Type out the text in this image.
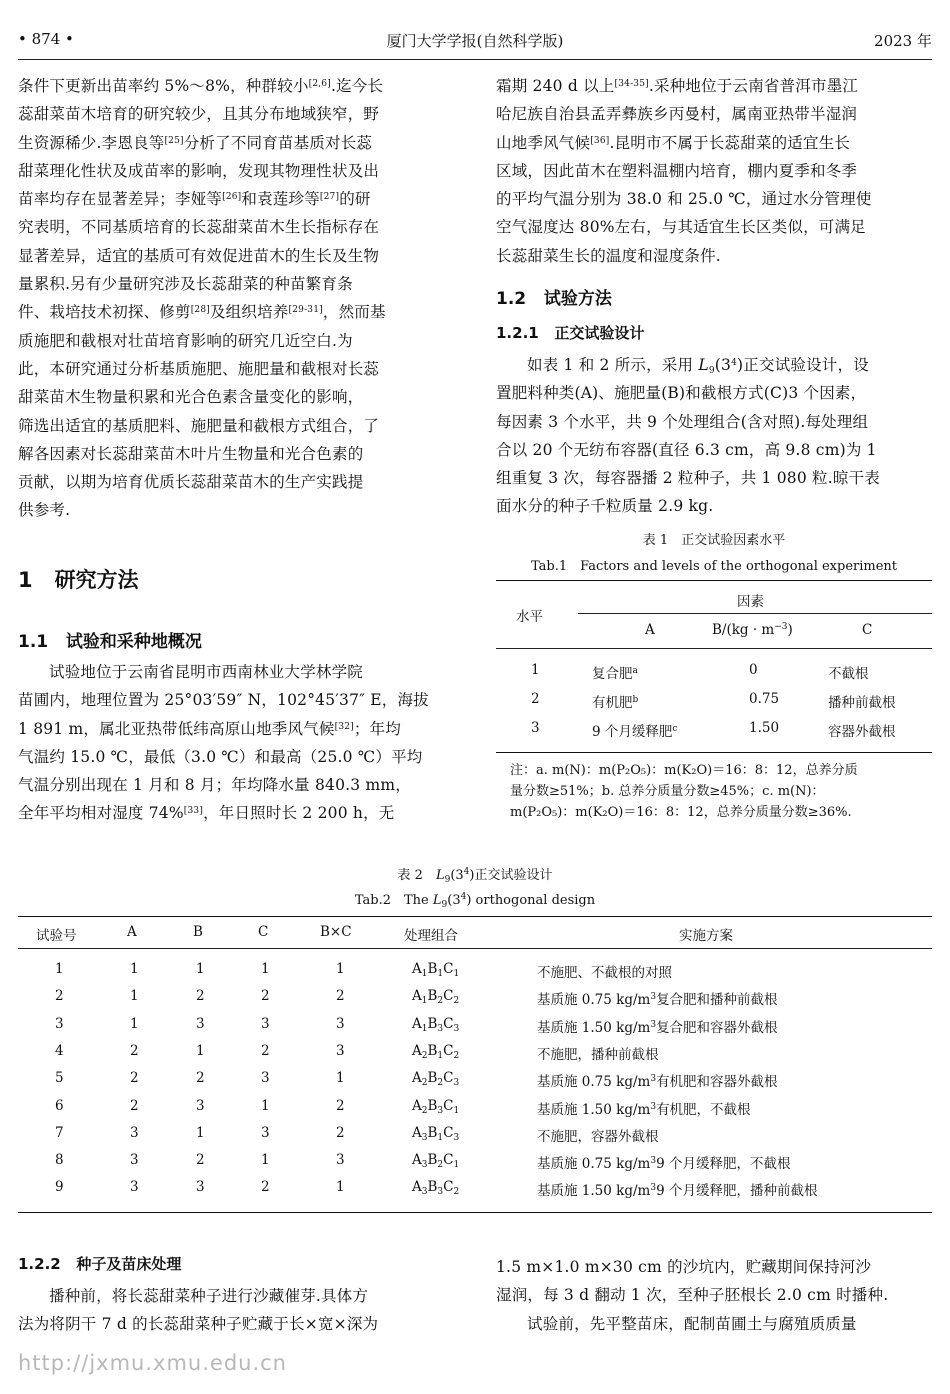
• 874 •	厦门大学学报(自然科学版)	2023 年

条件下更新出苗率约 5%～8%，种群较小[2,6].迄今长

蕊甜菜苗木培育的研究较少，且其分布地域狭窄，野

生资源稀少.李恩良等[25]分析了不同育苗基质对长蕊

甜菜理化性状及成苗率的影响，发现其物理性状及出

苗率均存在显著差异；李娅等[26]和袁莲珍等[27]的研

究表明，不同基质培育的长蕊甜菜苗木生长指标存在

显著差异，适宜的基质可有效促进苗木的生长及生物

量累积.另有少量研究涉及长蕊甜菜的种苗繁育条

件、栽培技术初探、修剪[28]及组织培养[29-31]，然而基

质施肥和截根对壮苗培育影响的研究几近空白.为

此，本研究通过分析基质施肥、施肥量和截根对长蕊

甜菜苗木生物量积累和光合色素含量变化的影响，

筛选出适宜的基质肥料、施肥量和截根方式组合，了

解各因素对长蕊甜菜苗木叶片生物量和光合色素的

贡献，以期为培育优质长蕊甜菜苗木的生产实践提

供参考.

1 研究方法
1.1 试验和采种地概况

试验地位于云南省昆明市西南林业大学林学院

苗圃内，地理位置为 25°03′59″ N，102°45′37″ E，海拔

1 891 m，属北亚热带低纬高原山地季风气候[32]；年均

气温约 15.0 ℃，最低（3.0 ℃）和最高（25.0 ℃）平均

气温分别出现在 1 月和 8 月；年均降水量 840.3 mm，

全年平均相对湿度 74%[33]，年日照时长 2 200 h，无

霜期 240 d 以上[34-35].采种地位于云南省普洱市墨江

哈尼族自治县孟弄彝族乡丙曼村，属南亚热带半湿润

山地季风气候[36].昆明市不属于长蕊甜菜的适宜生长

区域，因此苗木在塑料温棚内培育，棚内夏季和冬季

的平均气温分别为 38.0 和 25.0 ℃，通过水分管理使

空气湿度达 80%左右，与其适宜生长区类似，可满足

长蕊甜菜生长的温度和湿度条件.

1.2 试验方法
1.2.1 正交试验设计

如表 1 和 2 所示，采用 $L_9(3^4)$正交试验设计，设

置肥料种类(A)、施肥量(B)和截根方式(C)3 个因素，

每因素 3 个水平，共 9 个处理组合(含对照).每处理组

合以 20 个无纺布容器(直径 6.3 cm，高 9.8 cm)为 1

组重复 3 次，每容器播 2 粒种子，共 1 080 粒.晾干表

面水分的种子千粒质量 2.9 kg.

表 1　正交试验因素水平
Tab.1　Factors and levels of the orthogonal experiment
水平
因素
A	$B/(kg \cdot m^{-3})$	C
1	复合肥$^a$	0	不截根
2	有机肥$^b$	0.75	播种前截根
3	9 个月缓释肥$^c$	1.50	容器外截根
注：a. m(N)：m(P₂O₅)：m(K₂O)＝16：8：12，总养分质
量分数≥51%；b. 总养分质量分数≥45%；c. m(N)：
m(P₂O₅)：m(K₂O)＝16：8：12，总养分质量分数≥36%.
表 2　$L_9(3^4)$正交试验设计
Tab.2　The $L_9(3^4)$ orthogonal design
试验号	A	B	C	B×C	处理组合	实施方案
1	1	1	1	1	$A_1B_1C_1$	不施肥、不截根的对照
2	1	2	2	2	$A_1B_2C_2$	基质施 0.75 $kg/m^3$复合肥和播种前截根
3	1	3	3	3	$A_1B_3C_3$	基质施 1.50 $kg/m^3$复合肥和容器外截根
4	2	1	2	3	$A_2B_1C_2$	不施肥，播种前截根
5	2	2	3	1	$A_2B_2C_3$	基质施 0.75 $kg/m^3$有机肥和容器外截根
6	2	3	1	2	$A_2B_3C_1$	基质施 1.50 $kg/m^3$有机肥，不截根
7	3	1	3	2	$A_3B_1C_3$	不施肥，容器外截根
8	3	2	1	3	$A_3B_2C_1$	基质施 0.75 $kg/m^39$ 个月缓释肥，不截根
9	3	3	2	1	$A_3B_3C_2$	基质施 1.50 $kg/m^39$ 个月缓释肥，播种前截根
1.2.2 种子及苗床处理

播种前，将长蕊甜菜种子进行沙藏催芽.具体方

法为将阴干 7 d 的长蕊甜菜种子贮藏于长×宽×深为

1.5 m×1.0 m×30 cm 的沙坑内，贮藏期间保持河沙

湿润，每 3 d 翻动 1 次，至种子胚根长 2.0 cm 时播种.

试验前，先平整苗床，配制苗圃土与腐殖质质量

http://jxmu.xmu.edu.cn
